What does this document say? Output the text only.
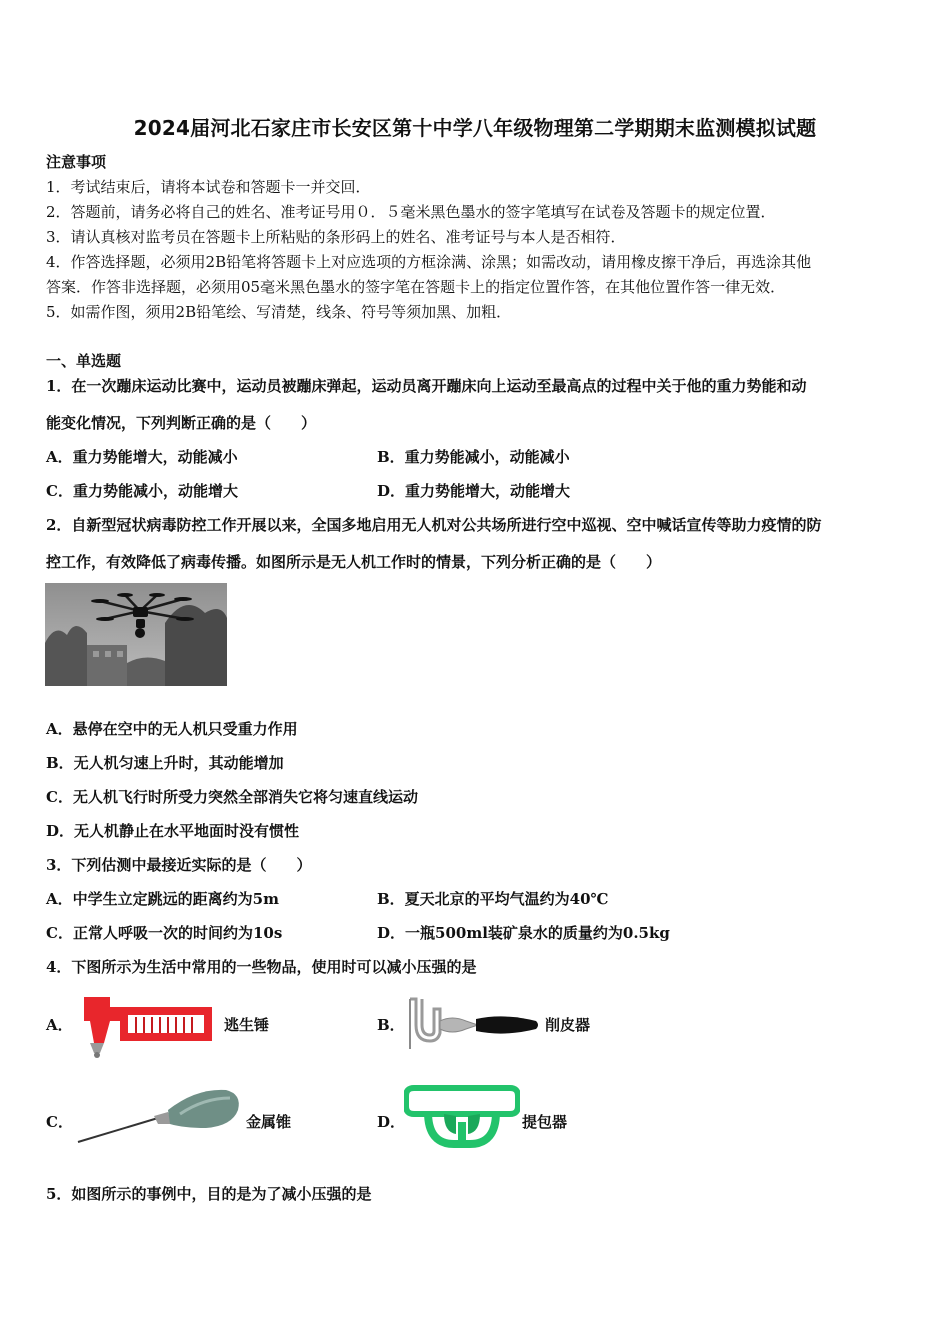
2024届河北石家庄市长安区第十中学八年级物理第二学期期末监测模拟试题
注意事项
1．考试结束后，请将本试卷和答题卡一并交回．
2．答题前，请务必将自己的姓名、准考证号用０．５毫米黑色墨水的签字笔填写在试卷及答题卡的规定位置．
3．请认真核对监考员在答题卡上所粘贴的条形码上的姓名、准考证号与本人是否相符．
4．作答选择题，必须用2B铅笔将答题卡上对应选项的方框涂满、涂黑；如需改动，请用橡皮擦干净后，再选涂其他
答案．作答非选择题，必须用05毫米黑色墨水的签字笔在答题卡上的指定位置作答，在其他位置作答一律无效．
5．如需作图，须用2B铅笔绘、写清楚，线条、符号等须加黑、加粗．
一、单选题
1．在一次蹦床运动比赛中，运动员被蹦床弹起，运动员离开蹦床向上运动至最高点的过程中关于他的重力势能和动
能变化情况，下列判断正确的是（　　）
A．重力势能增大，动能减小	B．重力势能减小，动能减小
C．重力势能减小，动能增大	D．重力势能增大，动能增大
2．自新型冠状病毒防控工作开展以来，全国多地启用无人机对公共场所进行空中巡视、空中喊话宣传等助力疫情的防
控工作，有效降低了病毒传播。如图所示是无人机工作时的情景，下列分析正确的是（　　）
A．悬停在空中的无人机只受重力作用
B．无人机匀速上升时，其动能增加
C．无人机飞行时所受力突然全部消失它将匀速直线运动
D．无人机静止在水平地面时没有惯性
3．下列估测中最接近实际的是（　　）
A．中学生立定跳远的距离约为5m	B．夏天北京的平均气温约为40℃
C．正常人呼吸一次的时间约为10s	D．一瓶500ml装矿泉水的质量约为0.5kg
4．下图所示为生活中常用的一些物品，使用时可以减小压强的是
A．	逃生锤	B．	削皮器
C．	金属锥	D．	提包器
5．如图所示的事例中，目的是为了减小压强的是
